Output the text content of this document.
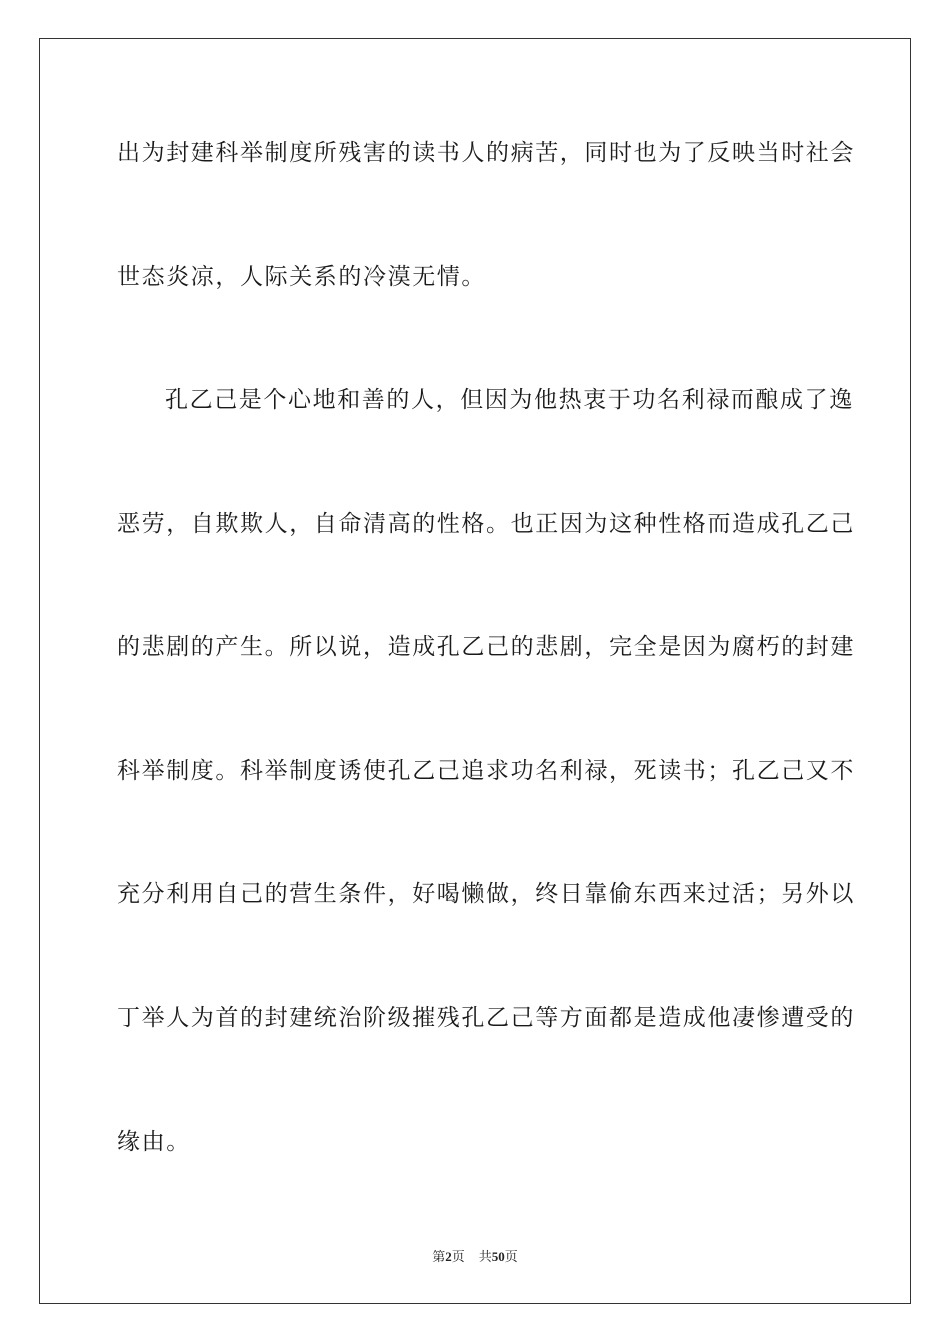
出为封建科举制度所残害的读书人的病苦，同时也为了反映当时社会
世态炎凉，人际关系的冷漠无情。
孔乙己是个心地和善的人，但因为他热衷于功名利禄而酿成了逸
恶劳，自欺欺人，自命清高的性格。也正因为这种性格而造成孔乙己
的悲剧的产生。所以说，造成孔乙己的悲剧，完全是因为腐朽的封建
科举制度。科举制度诱使孔乙己追求功名利禄，死读书；孔乙己又不
充分利用自己的营生条件，好喝懒做，终日靠偷东西来过活；另外以
丁举人为首的封建统治阶级摧残孔乙己等方面都是造成他凄惨遭受的
缘由。
第2页 共50页
